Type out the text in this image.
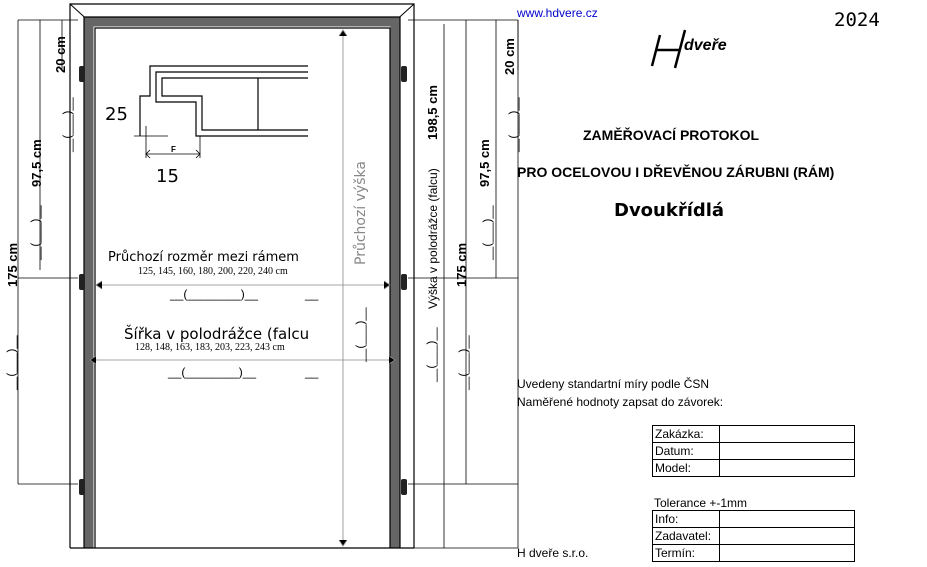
www.hdvere.cz	2024
dveře
ZAMĚŘOVACÍ PROTOKOL
PRO OCELOVOU I DŘEVĚNOU ZÁRUBNI (RÁM)
Dvoukřídlá
25
15
F
20 cm
97,5 cm
175 cm
__(___)__
__(___)__
__(___)__
20 cm
97,5 cm
175 cm
198,5 cm
Výška v polodrážce (falcu)
__(___)__
__(___)__
__(___)__
__(___)__
Průchozí výška
__(___)__
Průchozí rozměr mezi rámem
125, 145, 160, 180, 200, 220, 240 cm
__(________)__	__
Šířka v polodrážce (falcu
128, 148, 163, 183, 203, 223, 243 cm
__(________)__	__
Uvedeny standartní míry podle ČSN
Naměřené hodnoty zapsat do závorek:
Tolerance +-1mm
H dveře s.r.o.
Zakázka:	
Datum:	
Model:	
Info:	
Zadavatel:	
Termín:	
